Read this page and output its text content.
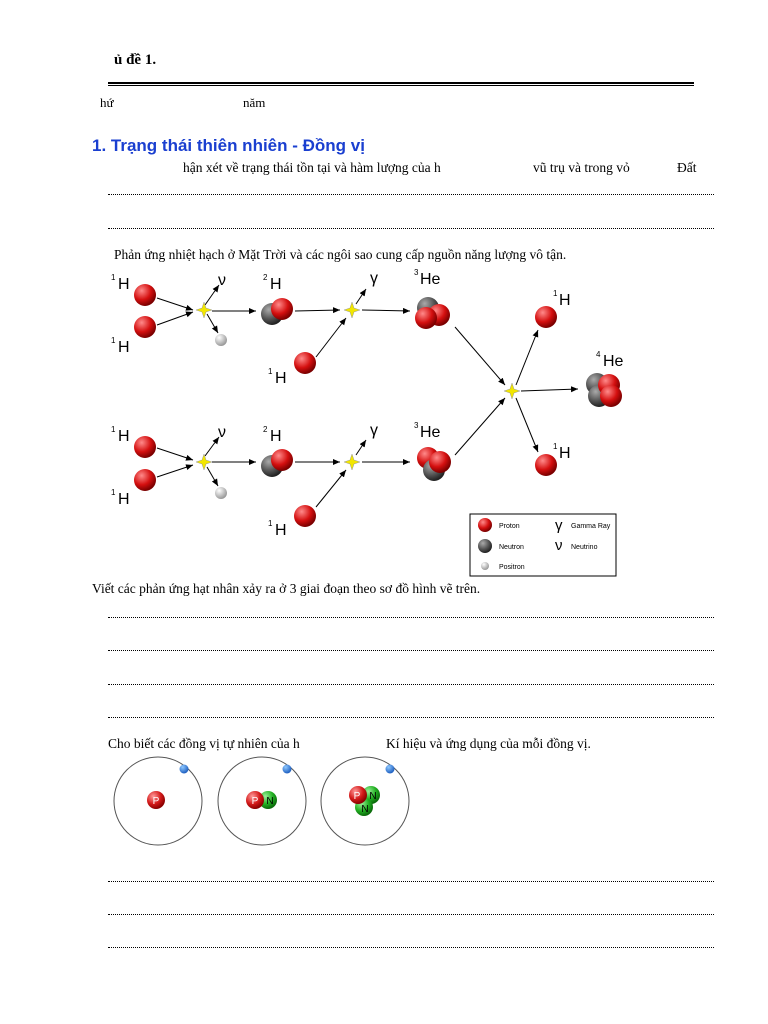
ủ đề 1.
hứ	năm
1. Trạng thái thiên nhiên - Đồng vị
hận xét về trạng thái tồn tại và hàm lượng của h	vũ trụ và trong vỏ	Đất
Phản ứng nhiệt hạch ở Mặt Trời và các ngôi sao cung cấp nguồn năng lượng vô tận.
H
H
H
H
He
H
He
H
H
H
H
He
H
1
1
2
1
3
1
4
1
1
2
1
3
1
ν	γ
ν	γ
Proton
Neutron
Positron
γ Gamma Ray
ν Neutrino
Viết các phản ứng hạt nhân xảy ra ở 3 giai đoạn theo sơ đồ hình vẽ trên.
Cho biết các đồng vị tự nhiên của h	Kí hiệu và ứng dụng của mỗi đồng vị.
P	P N	P N
N
